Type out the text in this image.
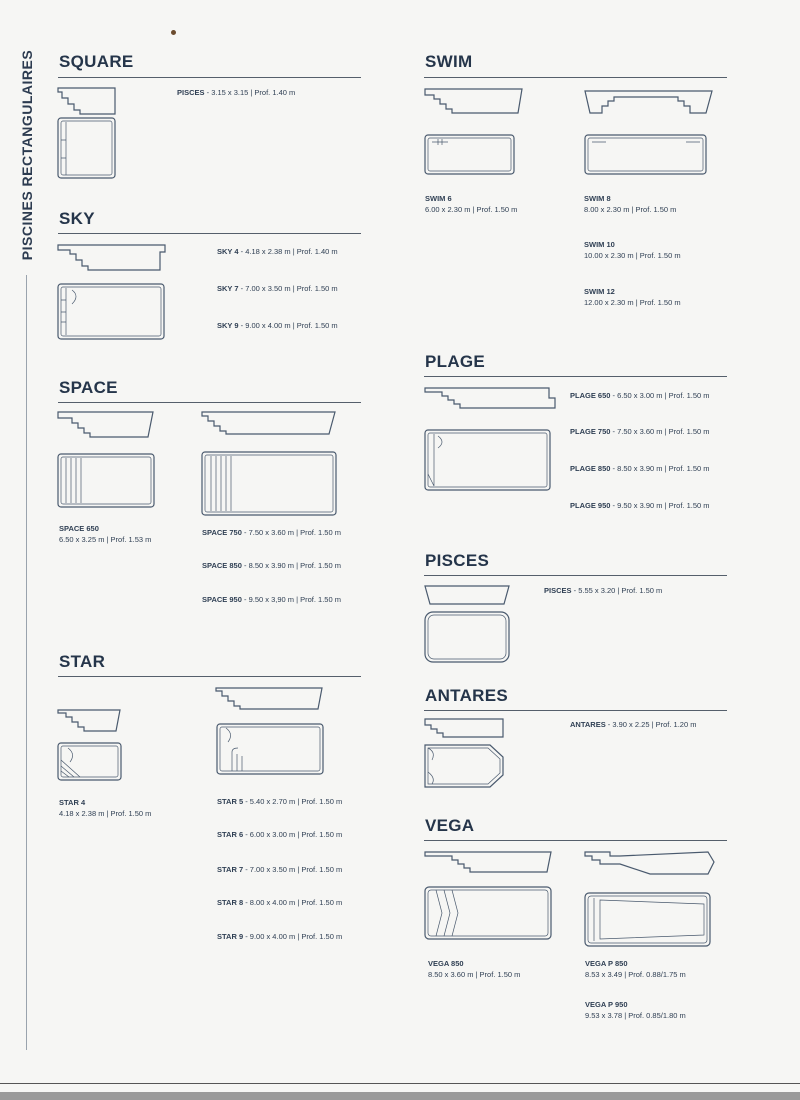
PISCINES RECTANGULAIRES SQUARE
PISCES - 3.15 x 3.15 | Prof. 1.40 m
SKY
SKY 4 - 4.18 x 2.38 m | Prof. 1.40 m
SKY 7 - 7.00 x 3.50 m | Prof. 1.50 m
SKY 9 - 9.00 x 4.00 m | Prof. 1.50 m
SPACE
SPACE 650
6.50 x 3.25 m | Prof. 1.53 m
SPACE 750 - 7.50 x 3.60 m | Prof. 1.50 m
SPACE 850 - 8.50 x 3.90 m | Prof. 1.50 m
SPACE 950 - 9.50 x 3,90 m | Prof. 1.50 m
STAR
STAR 4
4.18 x 2.38 m | Prof. 1.50 m
STAR 5 - 5.40 x 2.70 m | Prof. 1.50 m
STAR 6 - 6.00 x 3.00 m | Prof. 1.50 m
STAR 7 - 7.00 x 3.50 m | Prof. 1.50 m
STAR 8 - 8.00 x 4.00 m | Prof. 1.50 m
STAR 9 - 9.00 x 4.00 m | Prof. 1.50 m
SWIM
SWIM 6
6.00 x 2.30 m | Prof. 1.50 m
SWIM 8
8.00 x 2.30 m | Prof. 1.50 m
SWIM 10
10.00 x 2.30 m | Prof. 1.50 m
SWIM 12
12.00 x 2.30 m | Prof. 1.50 m
PLAGE
PLAGE 650 - 6.50 x 3.00 m | Prof. 1.50 m
PLAGE 750 - 7.50 x 3.60 m | Prof. 1.50 m
PLAGE 850 - 8.50 x 3.90 m | Prof. 1.50 m
PLAGE 950 - 9.50 x 3.90 m | Prof. 1.50 m
PISCES
PISCES - 5.55 x 3.20 | Prof. 1.50 m
ANTARES
ANTARES - 3.90 x 2.25 | Prof. 1.20 m
VEGA
VEGA 850
8.50 x 3.60 m | Prof. 1.50 m
VEGA P 850
8.53 x 3.49 | Prof. 0.88/1.75 m
VEGA P 950
9.53 x 3.78 | Prof. 0.85/1.80 m
